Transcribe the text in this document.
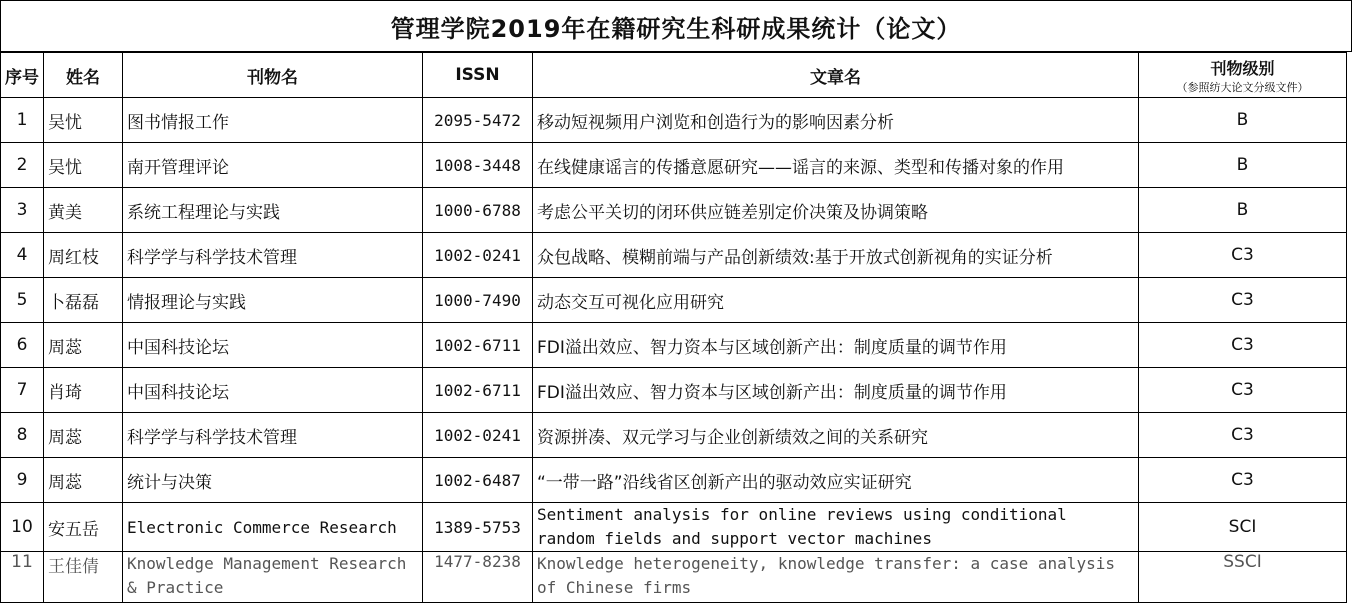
管理学院2019年在籍研究生科研成果统计（论文）
序号	姓名	刊物名	ISSN	文章名	刊物级别
（参照纺大论文分级文件）

1	吴忧	图书情报工作	2095-5472	移动短视频用户浏览和创造行为的影响因素分析	B
2	吴忧	南开管理评论	1008-3448	在线健康谣言的传播意愿研究——谣言的来源、类型和传播对象的作用	B
3	黄美	系统工程理论与实践	1000-6788	考虑公平关切的闭环供应链差别定价决策及协调策略	B
4	周红枝	科学学与科学技术管理	1002-0241	众包战略、模糊前端与产品创新绩效:基于开放式创新视角的实证分析	C3
5	卜磊磊	情报理论与实践	1000-7490	动态交互可视化应用研究	C3
6	周蕊	中国科技论坛	1002-6711	FDI溢出效应、智力资本与区域创新产出：制度质量的调节作用	C3
7	肖琦	中国科技论坛	1002-6711	FDI溢出效应、智力资本与区域创新产出：制度质量的调节作用	C3
8	周蕊	科学学与科学技术管理	1002-0241	资源拼凑、双元学习与企业创新绩效之间的关系研究	C3
9	周蕊	统计与决策	1002-6487	“一带一路”沿线省区创新产出的驱动效应实证研究	C3
10	安五岳	Electronic Commerce Research	1389-5753	Sentiment analysis for online reviews using conditional random fields and support vector machines	SCI
11	王佳倩	Knowledge Management Research & Practice	1477-8238	Knowledge heterogeneity, knowledge transfer: a case analysis of Chinese firms	SSCI
